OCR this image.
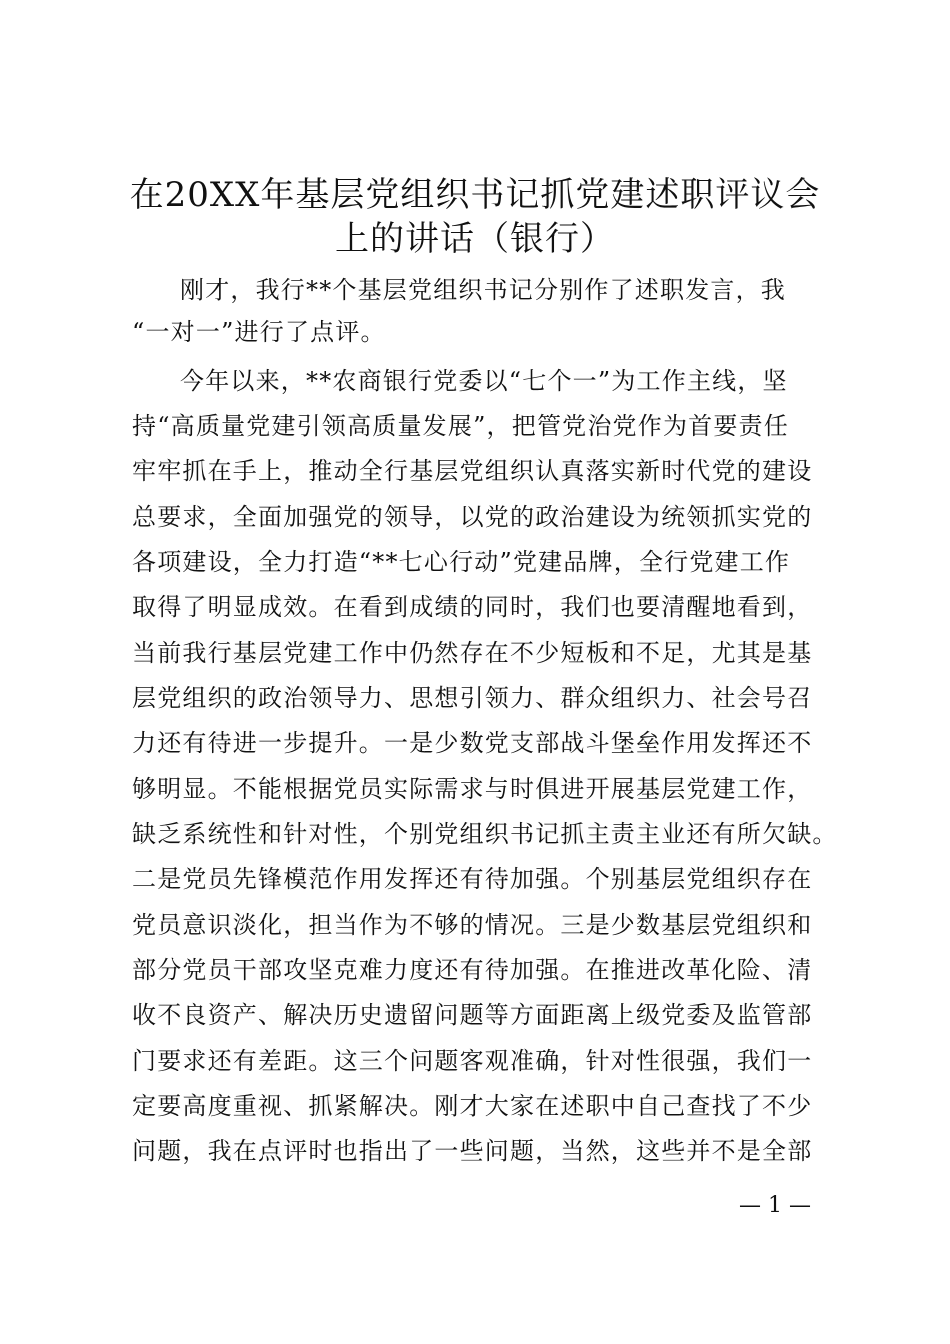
在20XX年基层党组织书记抓党建述职评议会
上的讲话（银行）
刚才，我行**个基层党组织书记分别作了述职发言，我
“一对一”进行了点评。
今年以来，**农商银行党委以“七个一”为工作主线，坚
持“高质量党建引领高质量发展”，把管党治党作为首要责任
牢牢抓在手上，推动全行基层党组织认真落实新时代党的建设
总要求，全面加强党的领导，以党的政治建设为统领抓实党的
各项建设，全力打造“**七心行动”党建品牌，全行党建工作
取得了明显成效。在看到成绩的同时，我们也要清醒地看到，
当前我行基层党建工作中仍然存在不少短板和不足，尤其是基
层党组织的政治领导力、思想引领力、群众组织力、社会号召
力还有待进一步提升。一是少数党支部战斗堡垒作用发挥还不
够明显。不能根据党员实际需求与时俱进开展基层党建工作，
缺乏系统性和针对性，个别党组织书记抓主责主业还有所欠缺。
二是党员先锋模范作用发挥还有待加强。个别基层党组织存在
党员意识淡化，担当作为不够的情况。三是少数基层党组织和
部分党员干部攻坚克难力度还有待加强。在推进改革化险、清
收不良资产、解决历史遗留问题等方面距离上级党委及监管部
门要求还有差距。这三个问题客观准确，针对性很强，我们一
定要高度重视、抓紧解决。刚才大家在述职中自己查找了不少
问题，我在点评时也指出了一些问题，当然，这些并不是全部
— 1 —
